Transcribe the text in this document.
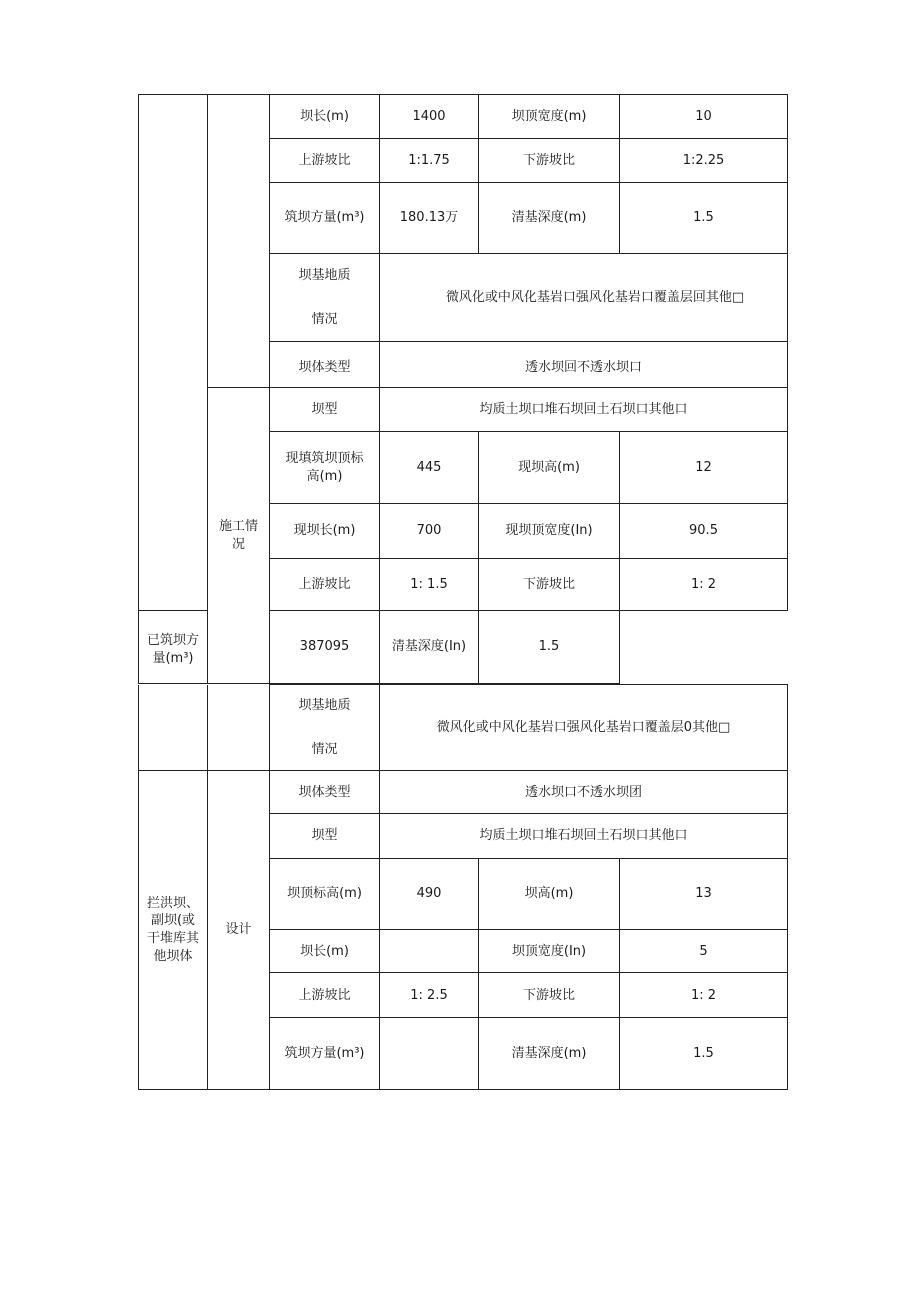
		坝长(m)	1400	坝顶宽度(m)	10
		上游坡比	1:1.75	下游坡比	1:2.25
		筑坝方量(m³)	180.13万	清基深度(m)	1.5

		坝基地质
情况	微风化或中风化基岩口强风化基岩口覆盖层回其他□		
		坝体类型	透水坝回不透水坝口		
	施工情
况	坝型	均质土坝口堆石坝回土石坝口其他口		
		现填筑坝顶标
高(m)	445	现坝高(m)	12
		现坝长(m)	700	现坝顶宽度(In)	90.5
		上游坡比	1: 1.5	下游坡比	1: 2
已筑坝方量(m³)		387095	清基深度(In)	1.5	

		坝基地质
情况	微风化或中风化基岩口强风化基岩口覆盖层0其他□		
拦洪坝、
副坝(或
干堆库其
他坝体	设计	坝体类型	透水坝口不透水坝团		
		坝型	均质土坝口堆石坝回土石坝口其他口		
		坝顶标高(m)	490	坝高(m)	13
		坝长(m)		坝顶宽度(In)	5
		上游坡比	1: 2.5	下游坡比	1: 2
		筑坝方量(m³)		清基深度(m)	1.5
